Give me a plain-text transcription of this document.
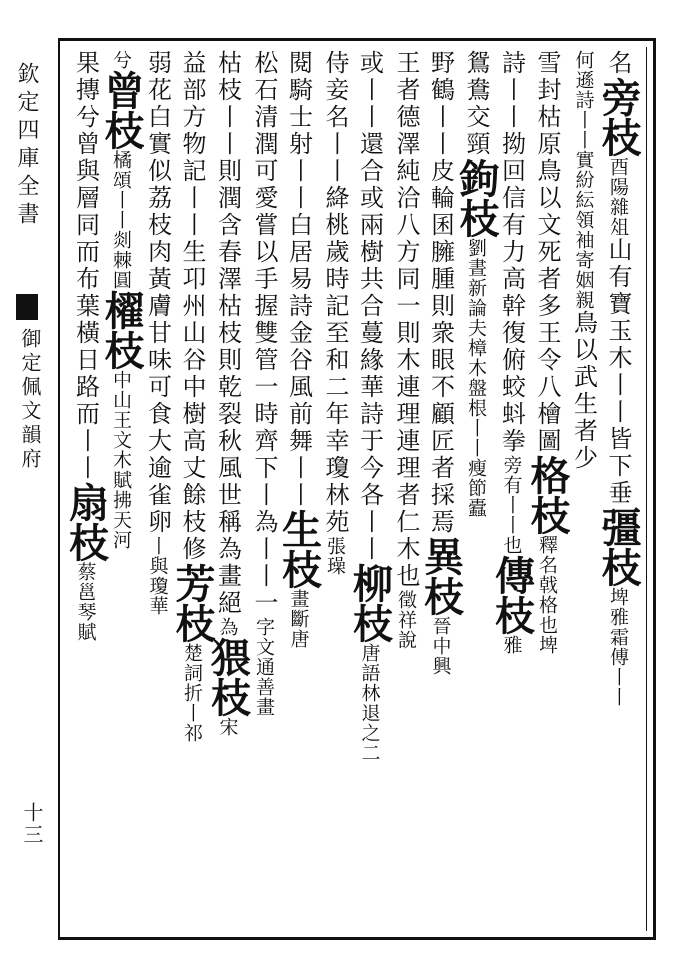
欽定四庫全書
御定佩文韻府
十三
名旁枝酉陽雜俎山有寶玉木丨丨皆下垂彊枝埤雅霜傅丨丨
何遜詩丨丨實紛紜領袖寄姻親鳥以武生者少
雪封枯原鳥以文死者多王令八檜圖格枝釋名戟格也埤
詩丨丨拗回信有力高幹復俯蛟蚪拳旁有丨丨也傳枝雅
鴛鴦交頸鉤枝劉晝新論夫樟木盤根丨丨瘦節蠹
野鶴丨丨皮輪囷臃腫則衆眼不顧匠者採焉異枝晉中興
王者德澤純洽八方同一則木連理連理者仁木也徵祥說
或丨丨還合或兩樹共合蔓緣華詩于今各丨丨柳枝唐語林退之二
侍妾名丨丨絳桃歲時記至和二年幸瓊林苑張璪
閱騎士射丨丨白居易詩金谷風前舞丨丨生枝畫斷唐
松石清潤可愛嘗以手握雙管一時齊下丨為丨丨一字文通善畫
枯枝丨丨則潤含春澤枯枝則乾裂秋風世稱為畫絕為猥枝宋
益部方物記丨丨生卭州山谷中樹高丈餘枝修芳枝楚詞折丨祁
弱花白實似荔枝肉黃膚甘味可食大逾雀卵丨與瓊華
兮曾枝橘頌丨丨剡棘圓櫂枝中山王文木賦拂天河
果摶兮曾與層同而布葉橫日路而丨丨扇枝蔡邕琴賦
